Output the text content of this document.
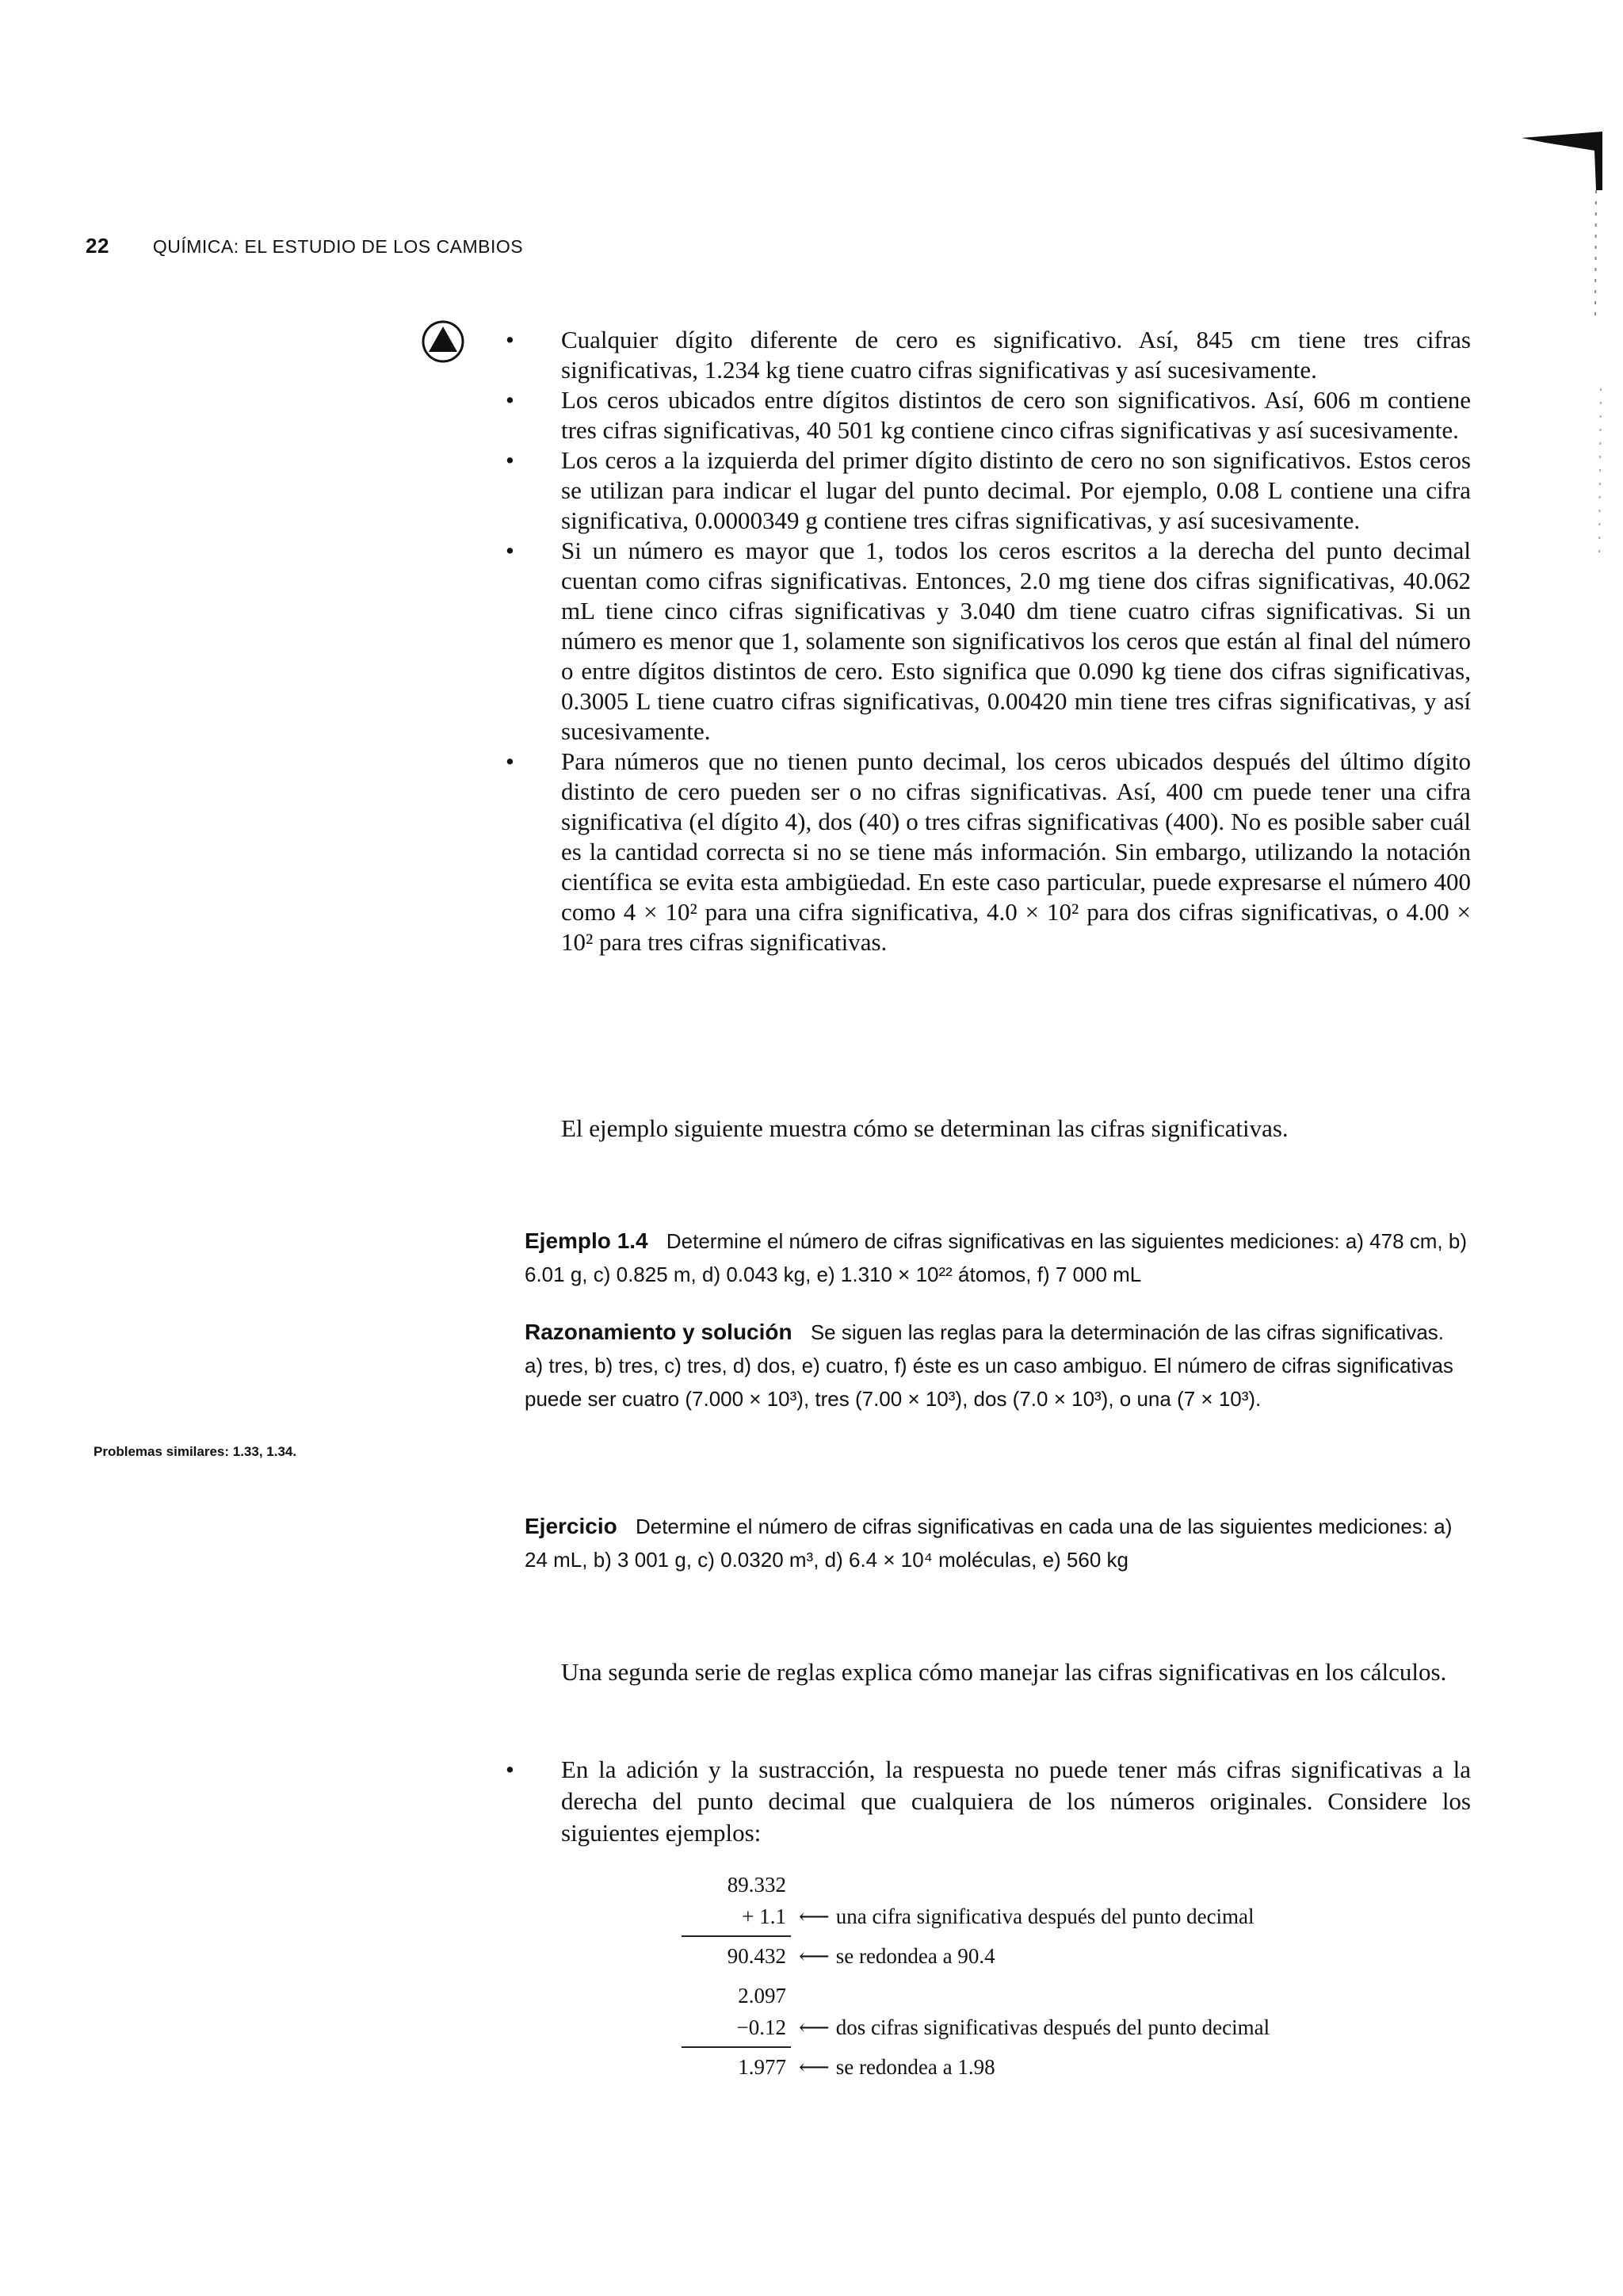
22 QUÍMICA: EL ESTUDIO DE LOS CAMBIOS
• Cualquier dígito diferente de cero es significativo. Así, 845 cm tiene tres cifras significativas, 1.234 kg tiene cuatro cifras significativas y así sucesivamente.
• Los ceros ubicados entre dígitos distintos de cero son significativos. Así, 606 m contiene tres cifras significativas, 40 501 kg contiene cinco cifras significativas y así sucesivamente.
• Los ceros a la izquierda del primer dígito distinto de cero no son significativos. Estos ceros se utilizan para indicar el lugar del punto decimal. Por ejemplo, 0.08 L contiene una cifra significativa, 0.0000349 g contiene tres cifras significativas, y así sucesivamente.
• Si un número es mayor que 1, todos los ceros escritos a la derecha del punto decimal cuentan como cifras significativas. Entonces, 2.0 mg tiene dos cifras significativas, 40.062 mL tiene cinco cifras significativas y 3.040 dm tiene cuatro cifras significativas. Si un número es menor que 1, solamente son significativos los ceros que están al final del número o entre dígitos distintos de cero. Esto significa que 0.090 kg tiene dos cifras significativas, 0.3005 L tiene cuatro cifras significativas, 0.00420 min tiene tres cifras significativas, y así sucesivamente.
• Para números que no tienen punto decimal, los ceros ubicados después del último dígito distinto de cero pueden ser o no cifras significativas. Así, 400 cm puede tener una cifra significativa (el dígito 4), dos (40) o tres cifras significativas (400). No es posible saber cuál es la cantidad correcta si no se tiene más información. Sin embargo, utilizando la notación científica se evita esta ambigüedad. En este caso particular, puede expresarse el número 400 como 4 × 10² para una cifra significativa, 4.0 × 10² para dos cifras significativas, o 4.00 × 10² para tres cifras significativas.
El ejemplo siguiente muestra cómo se determinan las cifras significativas.
Ejemplo 1.4 Determine el número de cifras significativas en las siguientes mediciones: a) 478 cm, b) 6.01 g, c) 0.825 m, d) 0.043 kg, e) 1.310 × 10²² átomos, f) 7 000 mL
Razonamiento y solución Se siguen las reglas para la determinación de las cifras significativas. a) tres, b) tres, c) tres, d) dos, e) cuatro, f) éste es un caso ambiguo. El número de cifras significativas puede ser cuatro (7.000 × 10³), tres (7.00 × 10³), dos (7.0 × 10³), o una (7 × 10³).
Problemas similares: 1.33, 1.34.
Ejercicio Determine el número de cifras significativas en cada una de las siguientes mediciones: a) 24 mL, b) 3 001 g, c) 0.0320 m³, d) 6.4 × 10⁴ moléculas, e) 560 kg
Una segunda serie de reglas explica cómo manejar las cifras significativas en los cálculos.
• En la adición y la sustracción, la respuesta no puede tener más cifras significativas a la derecha del punto decimal que cualquiera de los números originales. Considere los siguientes ejemplos:
89.332
+ 1.1 ⟵ una cifra significativa después del punto decimal
90.432 ⟵ se redondea a 90.4
2.097
−0.12 ⟵ dos cifras significativas después del punto decimal
1.977 ⟵ se redondea a 1.98
